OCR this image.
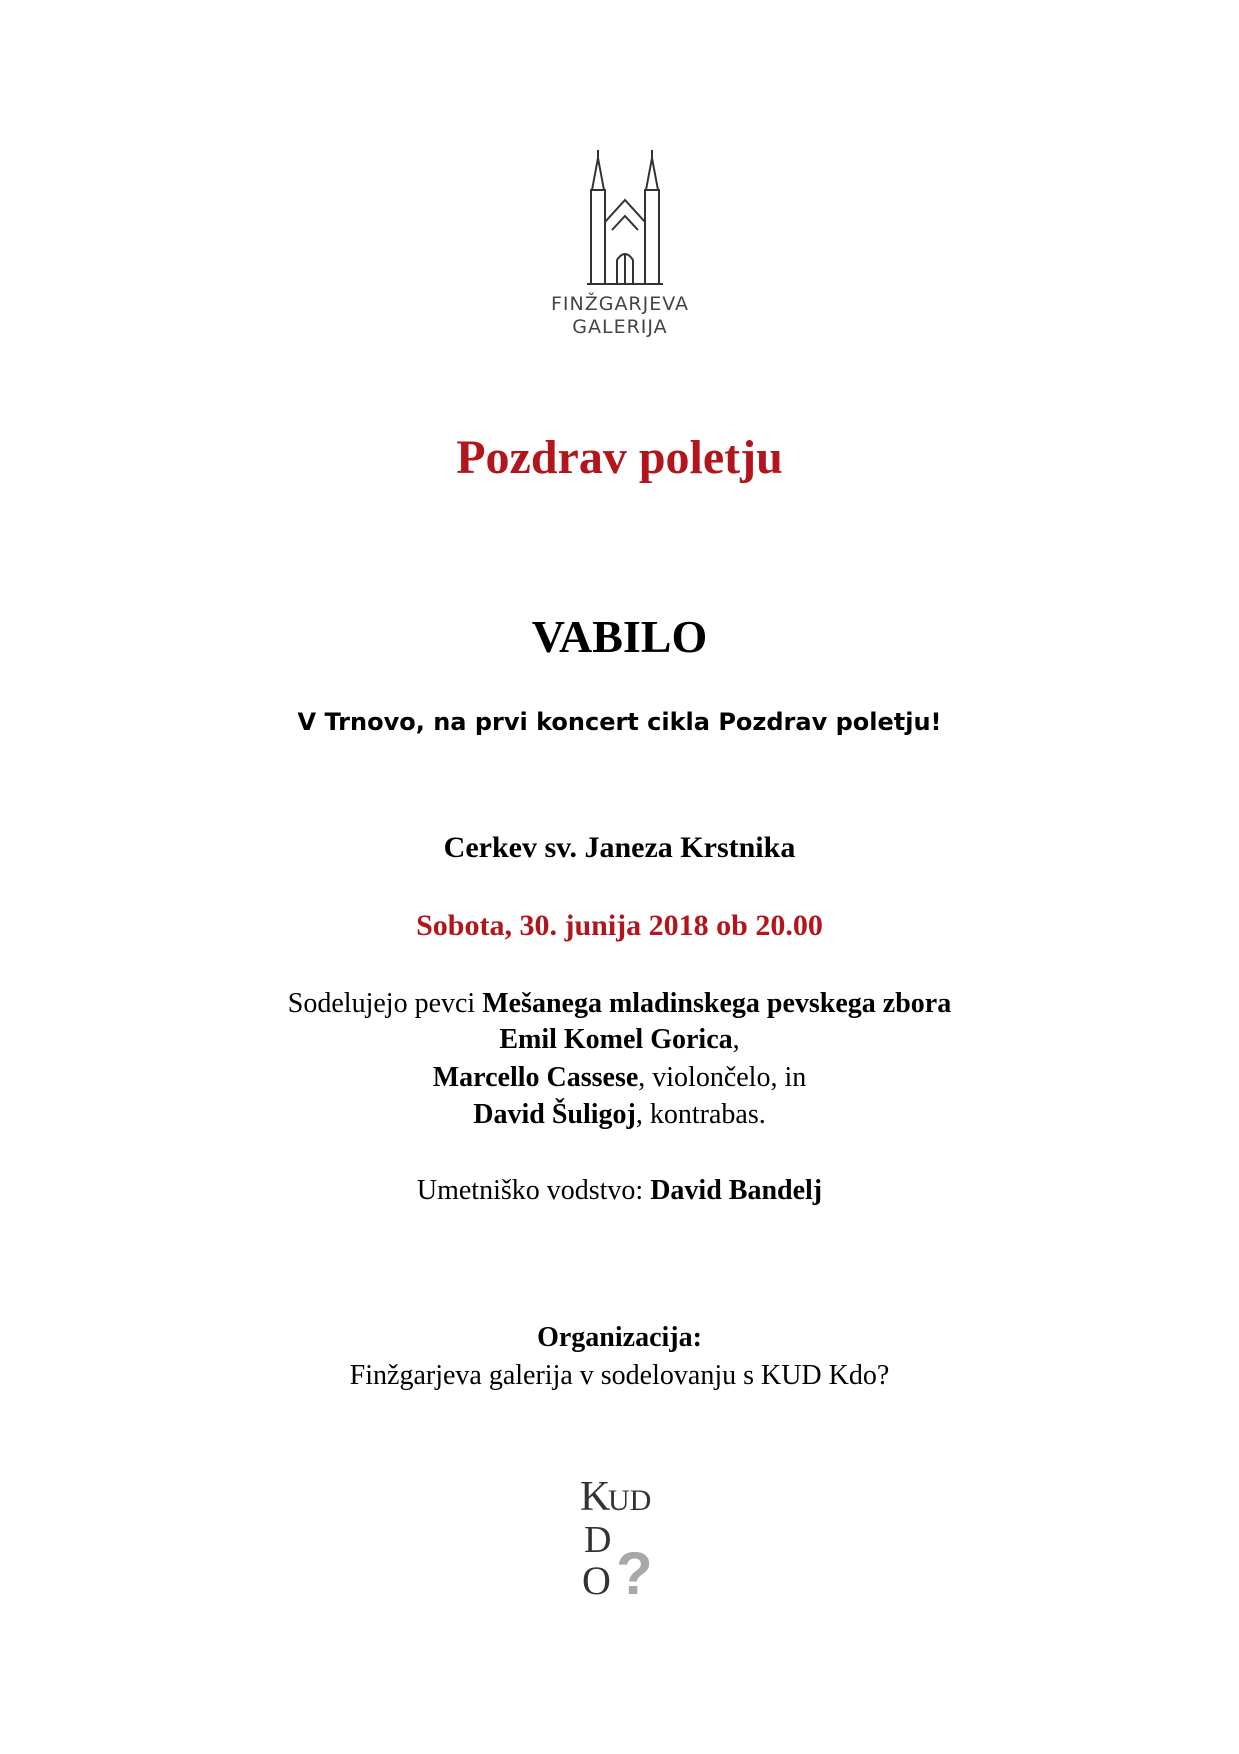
FINŽGARJEVA
GALERIJA
Pozdrav poletju
VABILO
V Trnovo, na prvi koncert cikla Pozdrav poletju!
Cerkev sv. Janeza Krstnika
Sobota, 30. junija 2018 ob 20.00
Sodelujejo pevci Mešanega mladinskega pevskega zbora
Emil Komel Gorica,
Marcello Cassese, violončelo, in
David Šuligoj, kontrabas.
Umetniško vodstvo: David Bandelj
Organizacija:
Finžgarjeva galerija v sodelovanju s KUD Kdo?
K
UD
D
O ?
